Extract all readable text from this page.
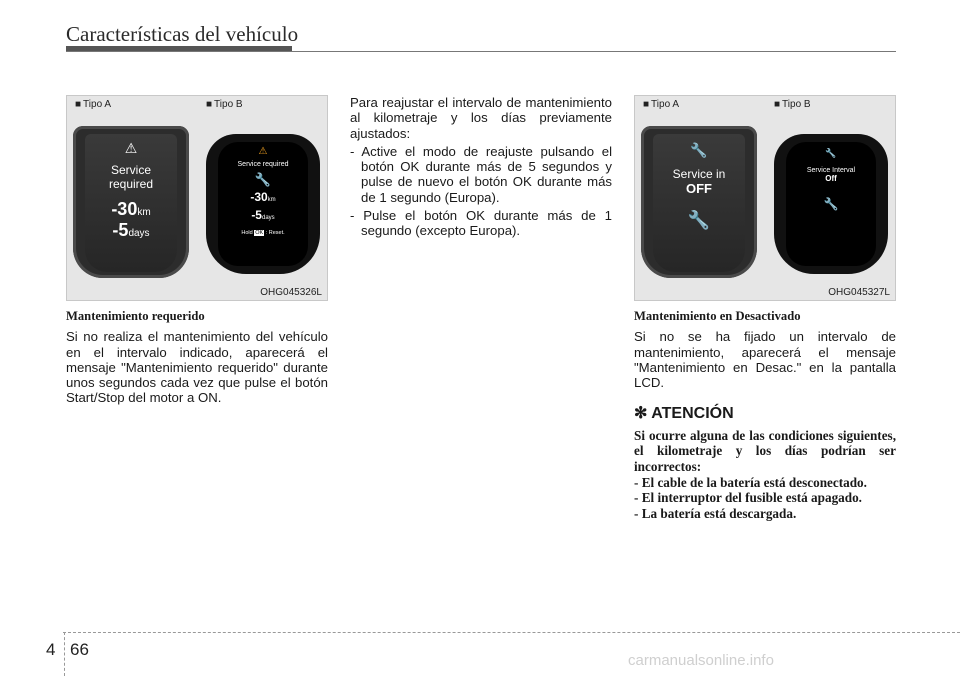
Características del vehículo
■ Tipo A
⚠
Service
required
-30km
-5days
■ Tipo B
⚠
Service required
🔧
-30km
-5days
Hold OK : Reset.
OHG045326L
■ Tipo A
🔧
Service in
OFF
🔧
■ Tipo B
🔧
Service Interval
Off
🔧
OHG045327L
Mantenimiento requerido
Si no realiza el mantenimiento del vehículo en el intervalo indicado, aparecerá el mensaje "Mantenimiento requerido" durante unos segundos cada vez que pulse el botón Start/Stop del motor a ON.
Para reajustar el intervalo de mantenimiento al kilometraje y los días previamente ajustados:
- Active el modo de reajuste pulsando el botón OK durante más de 5 segundos y pulse de nuevo el botón OK durante más de 1 segundo (Europa).
- Pulse el botón OK durante más de 1 segundo (excepto Europa).
Mantenimiento en Desactivado
Si no se ha fijado un intervalo de mantenimiento, aparecerá el mensaje "Mantenimiento en Desac." en la pantalla LCD.
✻ ATENCIÓN
Si ocurre alguna de las condiciones siguientes, el kilometraje y los días podrían ser incorrectos:
- El cable de la batería está desconectado.
- El interruptor del fusible está apagado.
- La batería está descargada.
4 66
carmanualsonline.info
